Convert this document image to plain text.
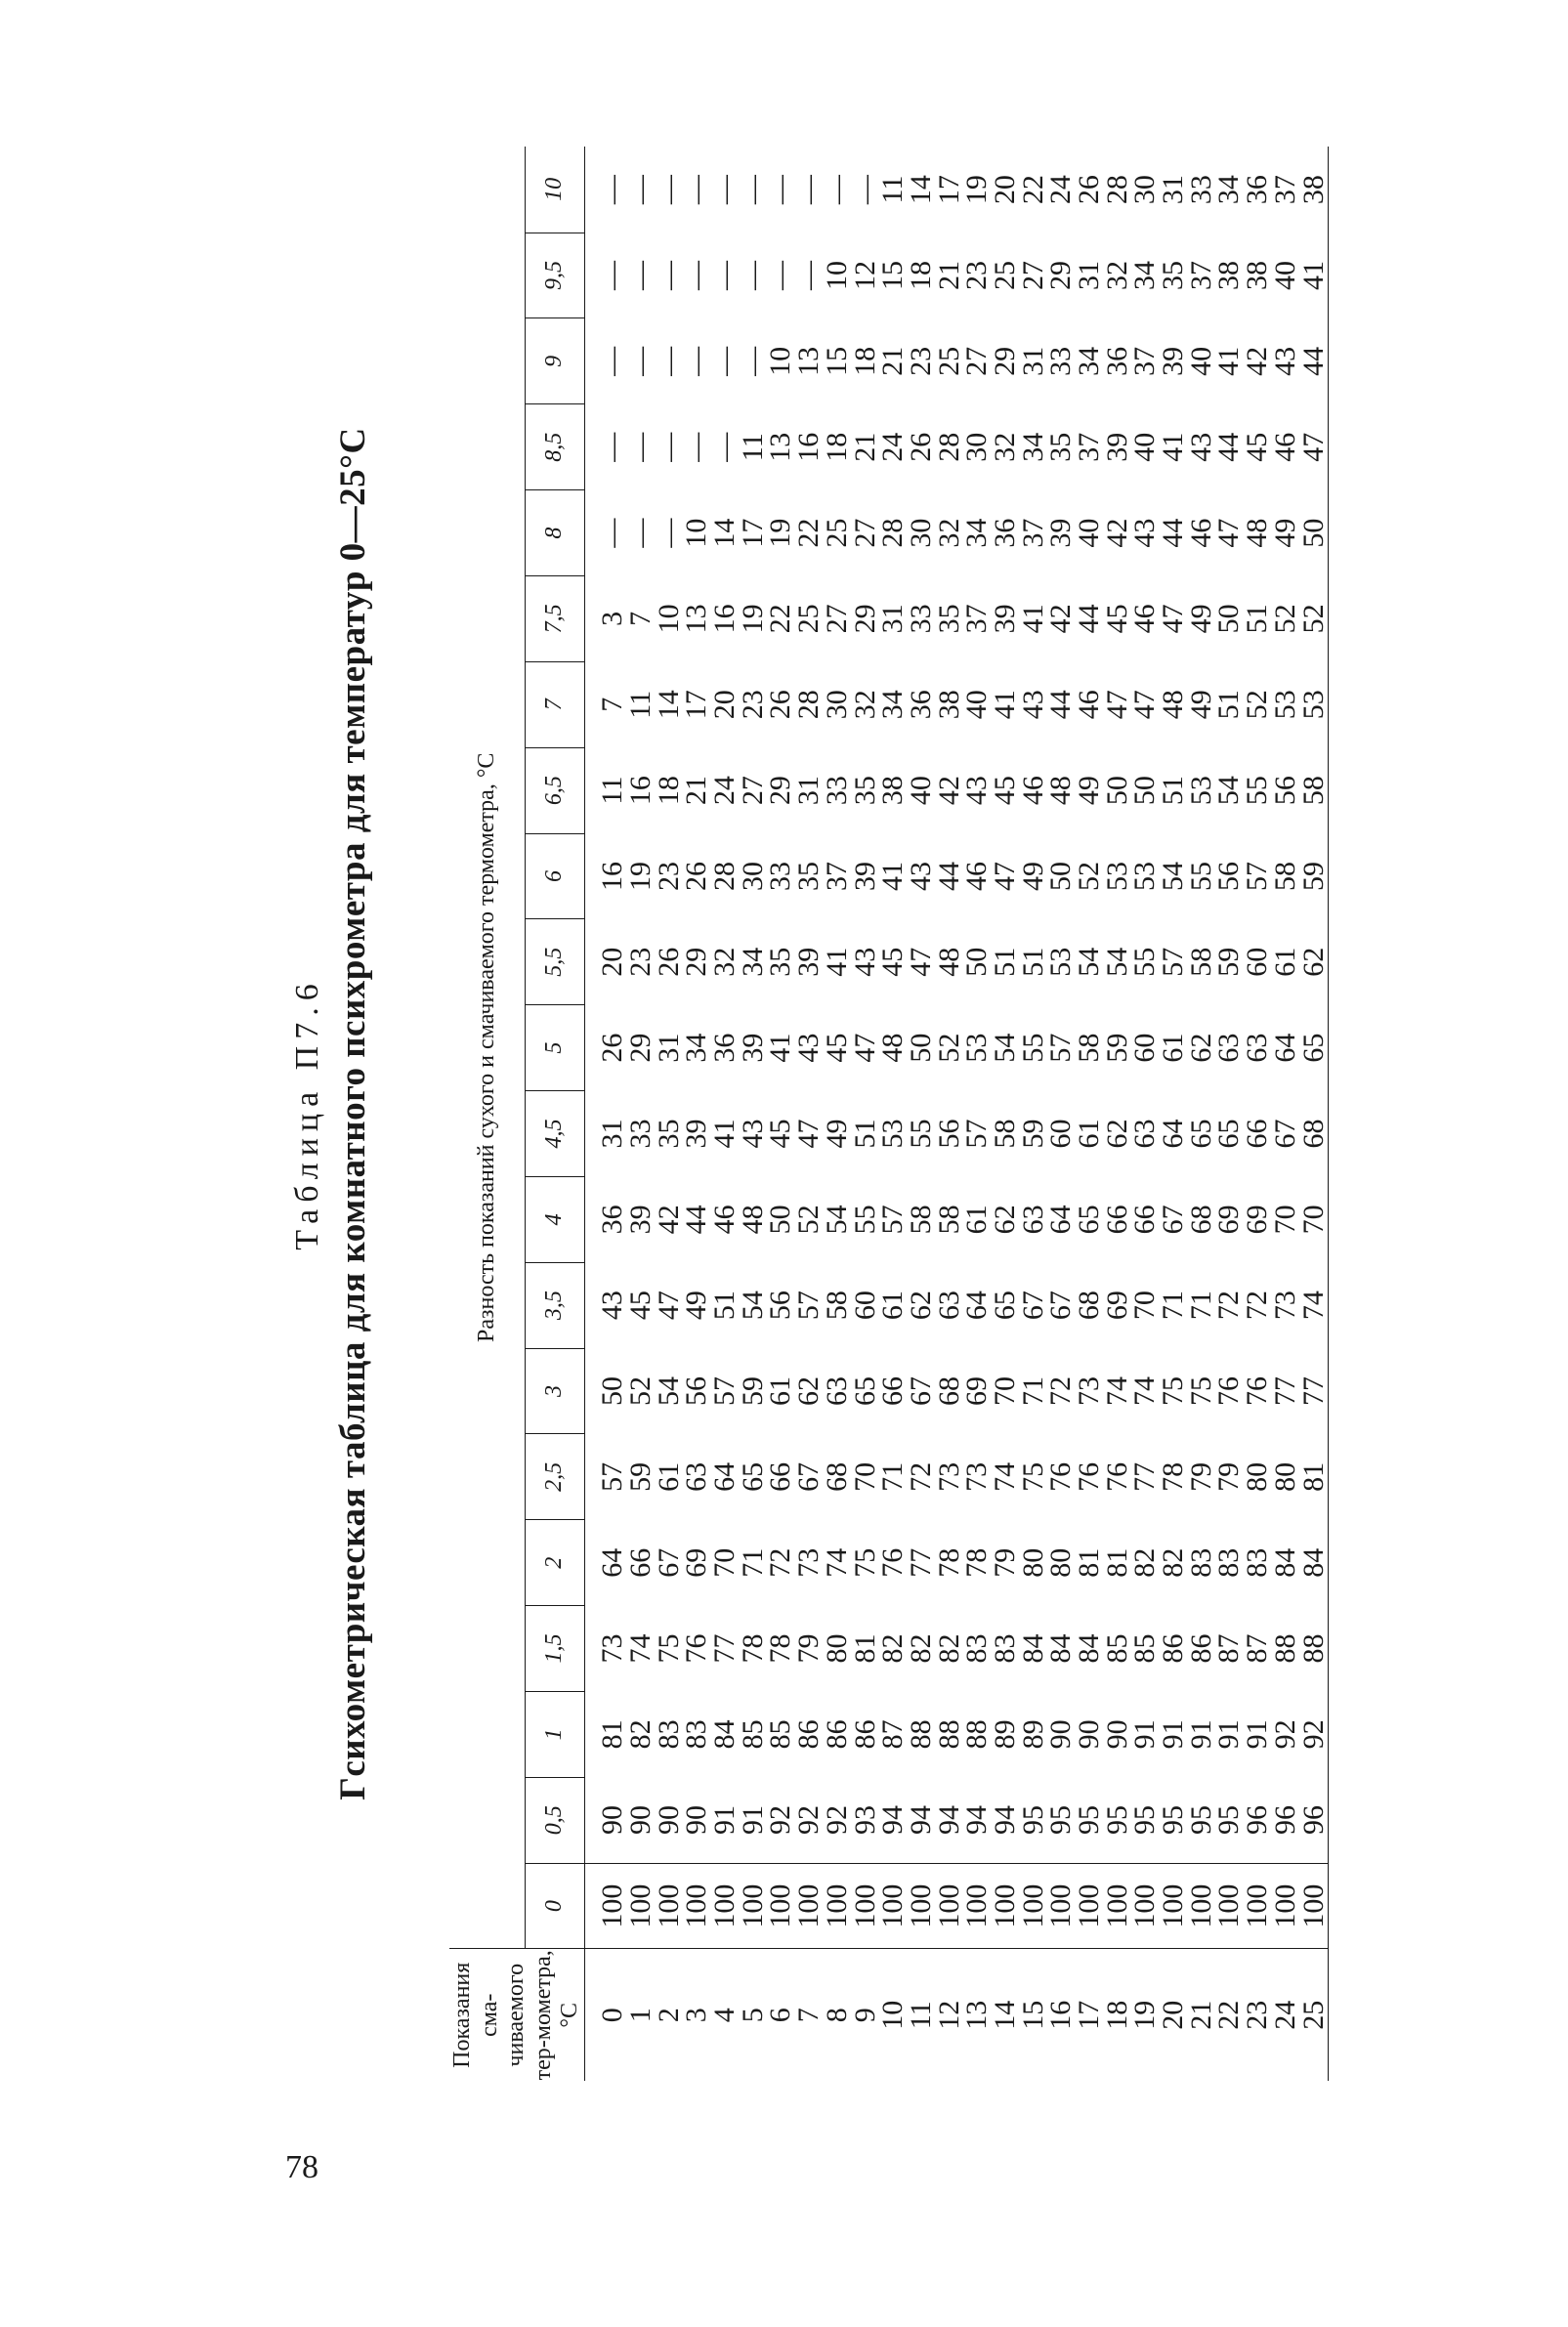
78
Таблица П7.6 Гсихометрическая таблица для комнатного психрометра для температур 0—25°С
Показания сма-чиваемого тер-мометра, °С	Разность показаний сухого и смачиваемого термометра, °С																				
	0	0,5	1	1,5	2	2,5	3	3,5	4	4,5	5	5,5	6	6,5	7	7,5	8	8,5	9	9,5	10
0	100	90	81	73	64	57	50	43	36	31	26	20	16	11	7	3	—	—	—	—	—
1	100	90	82	74	66	59	52	45	39	33	29	23	19	16	11	7	—	—	—	—	—
2	100	90	83	75	67	61	54	47	42	35	31	26	23	18	14	10	—	—	—	—	—
3	100	90	83	76	69	63	56	49	44	39	34	29	26	21	17	13	10	—	—	—	—
4	100	91	84	77	70	64	57	51	46	41	36	32	28	24	20	16	14	—	—	—	—
5	100	91	85	78	71	65	59	54	48	43	39	34	30	27	23	19	17	11	—	—	—
6	100	92	85	78	72	66	61	56	50	45	41	35	33	29	26	22	19	13	10	—	—
7	100	92	86	79	73	67	62	57	52	47	43	39	35	31	28	25	22	16	13	—	—
8	100	92	86	80	74	68	63	58	54	49	45	41	37	33	30	27	25	18	15	10	—
9	100	93	86	81	75	70	65	60	55	51	47	43	39	35	32	29	27	21	18	12	—
10	100	94	87	82	76	71	66	61	57	53	48	45	41	38	34	31	28	24	21	15	11
11	100	94	88	82	77	72	67	62	58	55	50	47	43	40	36	33	30	26	23	18	14
12	100	94	88	82	78	73	68	63	58	56	52	48	44	42	38	35	32	28	25	21	17
13	100	94	88	83	78	73	69	64	61	57	53	50	46	43	40	37	34	30	27	23	19
14	100	94	89	83	79	74	70	65	62	58	54	51	47	45	41	39	36	32	29	25	20
15	100	95	89	84	80	75	71	67	63	59	55	51	49	46	43	41	37	34	31	27	22
16	100	95	90	84	80	76	72	67	64	60	57	53	50	48	44	42	39	35	33	29	24
17	100	95	90	84	81	76	73	68	65	61	58	54	52	49	46	44	40	37	34	31	26
18	100	95	90	85	81	76	74	69	66	62	59	54	53	50	47	45	42	39	36	32	28
19	100	95	91	85	82	77	74	70	66	63	60	55	53	50	47	46	43	40	37	34	30
20	100	95	91	86	82	78	75	71	67	64	61	57	54	51	48	47	44	41	39	35	31
21	100	95	91	86	83	79	75	71	68	65	62	58	55	53	49	49	46	43	40	37	33
22	100	95	91	87	83	79	76	72	69	65	63	59	56	54	51	50	47	44	41	38	34
23	100	96	91	87	83	80	76	72	69	66	63	60	57	55	52	51	48	45	42	38	36
24	100	96	92	88	84	80	77	73	70	67	64	61	58	56	53	52	49	46	43	40	37
25	100	96	92	88	84	81	77	74	70	68	65	62	59	58	53	52	50	47	44	41	38
